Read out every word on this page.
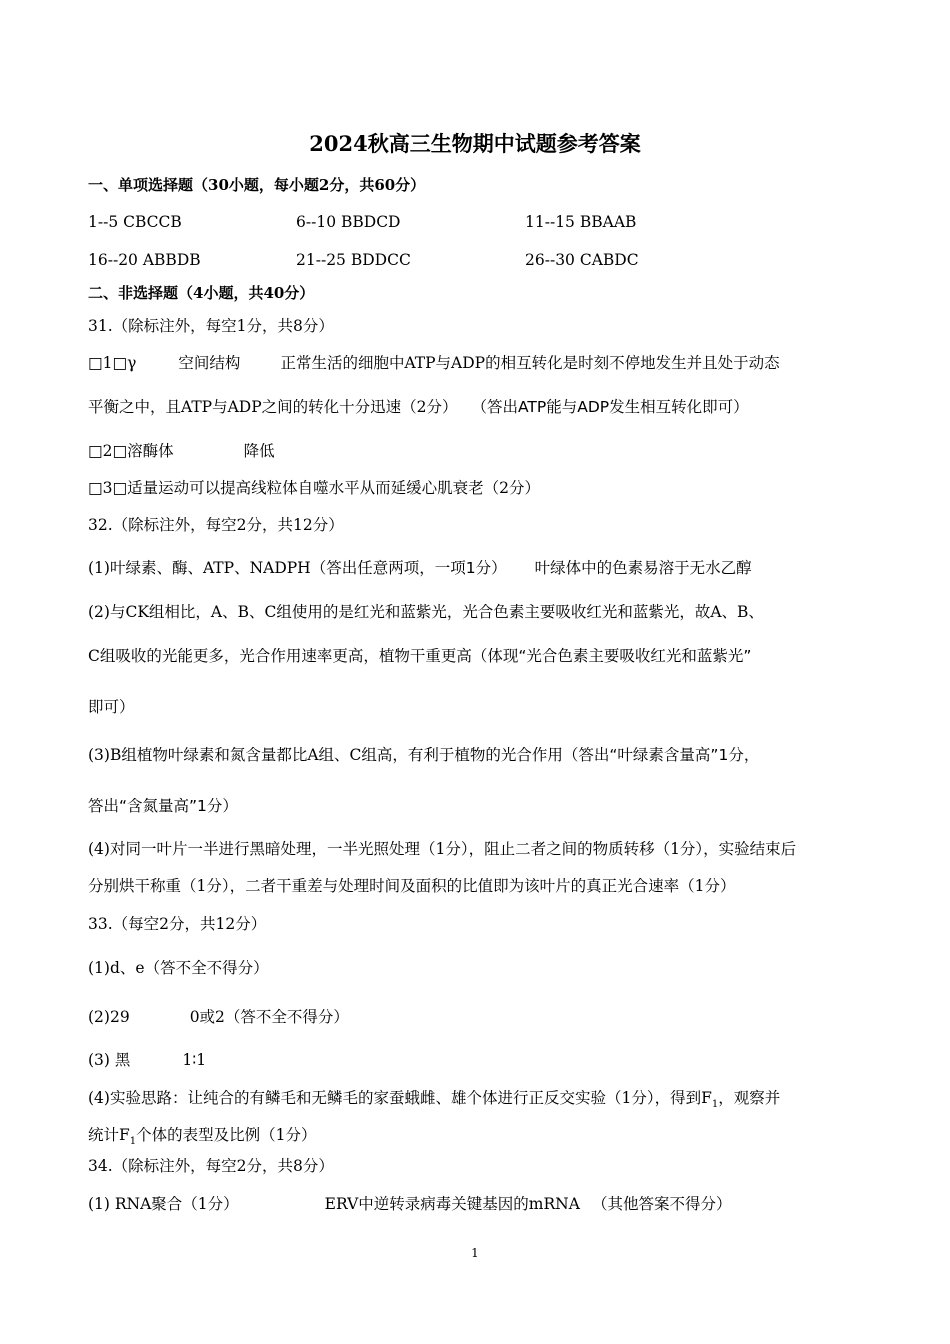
2024秋高三生物期中试题参考答案
一、单项选择题（30小题，每小题2分，共60分）
1--5 CBCCB	6--10 BBDCD	11--15 BBAAB
16--20 ABBDB	21--25 BDDCC	26--30 CABDC
二、非选择题（4小题，共40分）
31.（除标注外，每空1分，共8分）
□1□γ	空间结构	正常生活的细胞中ATP与ADP的相互转化是时刻不停地发生并且处于动态
平衡之中，且ATP与ADP之间的转化十分迅速（2分） （答出ATP能与ADP发生相互转化即可）
□2□溶酶体	降低
□3□适量运动可以提高线粒体自噬水平从而延缓心肌衰老（2分）
32.（除标注外，每空2分，共12分）
(1)叶绿素、酶、ATP、NADPH（答出任意两项，一项1分） 叶绿体中的色素易溶于无水乙醇
(2)与CK组相比，A、B、C组使用的是红光和蓝紫光，光合色素主要吸收红光和蓝紫光，故A、B、
C组吸收的光能更多，光合作用速率更高，植物干重更高（体现“光合色素主要吸收红光和蓝紫光”
即可）
(3)B组植物叶绿素和氮含量都比A组、C组高，有利于植物的光合作用（答出“叶绿素含量高”1分，
答出“含氮量高”1分）
(4)对同一叶片一半进行黑暗处理，一半光照处理（1分），阻止二者之间的物质转移（1分），实验结束后
分别烘干称重（1分），二者干重差与处理时间及面积的比值即为该叶片的真正光合速率（1分）
33.（每空2分，共12分）
(1)d、e（答不全不得分）
(2)29	0或2（答不全不得分）
(3) 黑	1∶1
(4)实验思路：让纯合的有鳞毛和无鳞毛的家蚕蛾雌、雄个体进行正反交实验（1分），得到$F_1$，观察并
统计$F_1$个体的表型及比例（1分）
34.（除标注外，每空2分，共8分）
(1) RNA聚合（1分）	ERV中逆转录病毒关键基因的mRNA （其他答案不得分）
1
